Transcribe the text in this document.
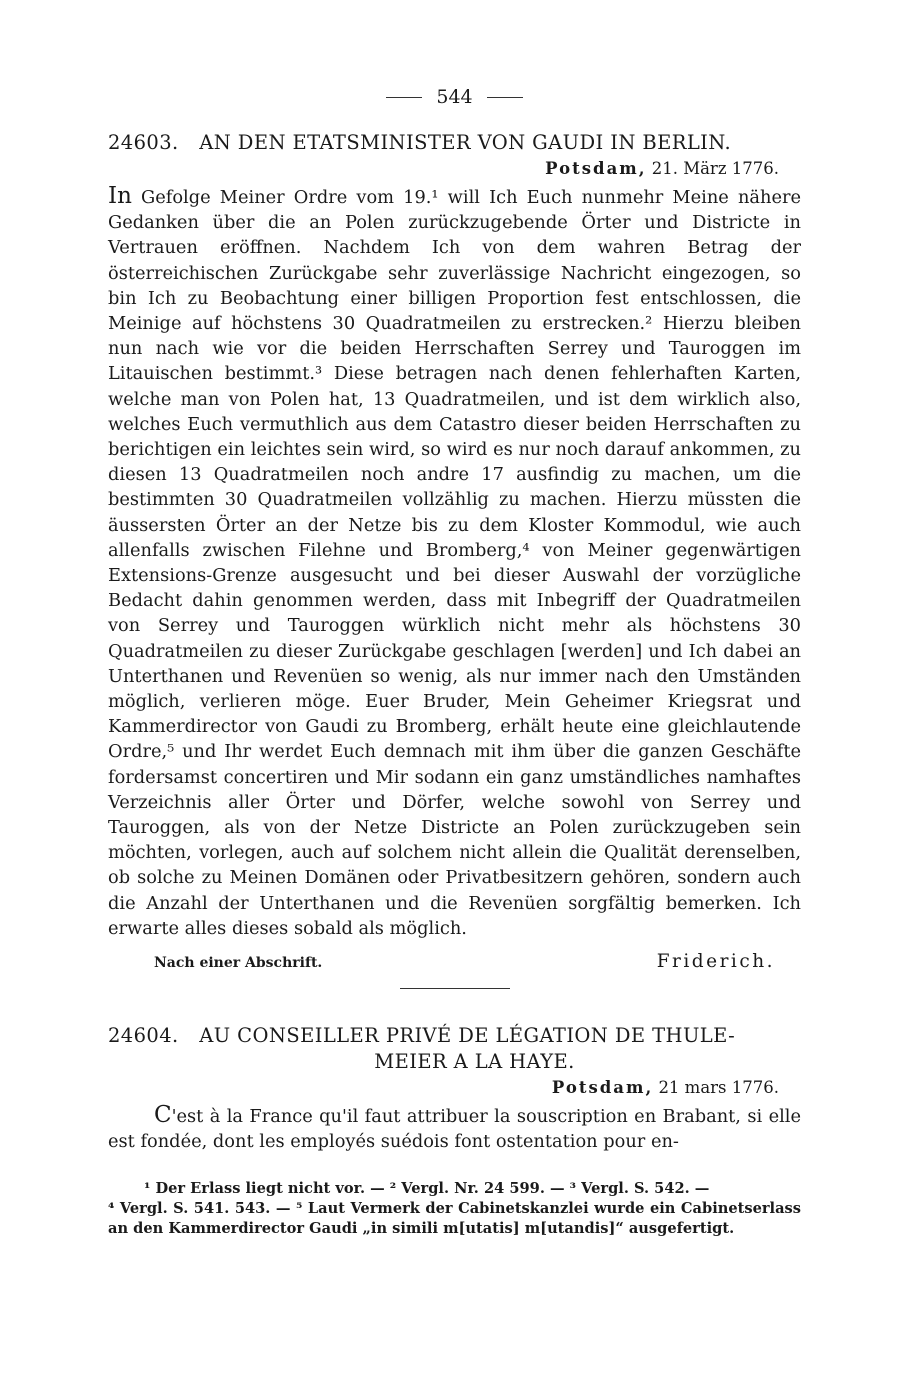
544
24603. AN DEN ETATSMINISTER VON GAUDI IN BERLIN.
Potsdam, 21. März 1776.
In Gefolge Meiner Ordre vom 19.¹ will Ich Euch nunmehr Meine nähere Gedanken über die an Polen zurückzugebende Örter und Districte in Vertrauen eröffnen. Nachdem Ich von dem wahren Betrag der österreichischen Zurückgabe sehr zuverlässige Nachricht eingezogen, so bin Ich zu Beobachtung einer billigen Proportion fest entschlossen, die Meinige auf höchstens 30 Quadratmeilen zu erstrecken.² Hierzu bleiben nun nach wie vor die beiden Herrschaften Serrey und Tauroggen im Litauischen bestimmt.³ Diese betragen nach denen fehlerhaften Karten, welche man von Polen hat, 13 Quadratmeilen, und ist dem wirklich also, welches Euch vermuthlich aus dem Catastro dieser beiden Herrschaften zu berichtigen ein leichtes sein wird, so wird es nur noch darauf ankommen, zu diesen 13 Quadratmeilen noch andre 17 ausfindig zu machen, um die bestimmten 30 Quadratmeilen vollzählig zu machen. Hierzu müssten die äussersten Örter an der Netze bis zu dem Kloster Kommodul, wie auch allenfalls zwischen Filehne und Bromberg,⁴ von Meiner gegenwärtigen Extensions-Grenze ausgesucht und bei dieser Auswahl der vorzügliche Bedacht dahin genommen werden, dass mit Inbegriff der Quadratmeilen von Serrey und Tauroggen würklich nicht mehr als höchstens 30 Quadratmeilen zu dieser Zurückgabe geschlagen [werden] und Ich dabei an Unterthanen und Revenüen so wenig, als nur immer nach den Umständen möglich, verlieren möge. Euer Bruder, Mein Geheimer Kriegsrat und Kammerdirector von Gaudi zu Bromberg, erhält heute eine gleichlautende Ordre,⁵ und Ihr werdet Euch demnach mit ihm über die ganzen Geschäfte fordersamst concertiren und Mir sodann ein ganz umständliches namhaftes Verzeichnis aller Örter und Dörfer, welche sowohl von Serrey und Tauroggen, als von der Netze Districte an Polen zurückzugeben sein möchten, vorlegen, auch auf solchem nicht allein die Qualität derenselben, ob solche zu Meinen Domänen oder Privatbesitzern gehören, sondern auch die Anzahl der Unterthanen und die Revenüen sorgfältig bemerken. Ich erwarte alles dieses sobald als möglich.
Nach einer Abschrift.	Friderich.
24604. AU CONSEILLER PRIVÉ DE LÉGATION DE THULE-
MEIER A LA HAYE.
Potsdam, 21 mars 1776.
C'est à la France qu'il faut attribuer la souscription en Brabant, si elle est fondée, dont les employés suédois font ostentation pour en-
¹ Der Erlass liegt nicht vor. — ² Vergl. Nr. 24 599. — ³ Vergl. S. 542. —
⁴ Vergl. S. 541. 543. — ⁵ Laut Vermerk der Cabinetskanzlei wurde ein Cabinetserlass an den Kammerdirector Gaudi „in simili m[utatis] m[utandis]“ ausgefertigt.
